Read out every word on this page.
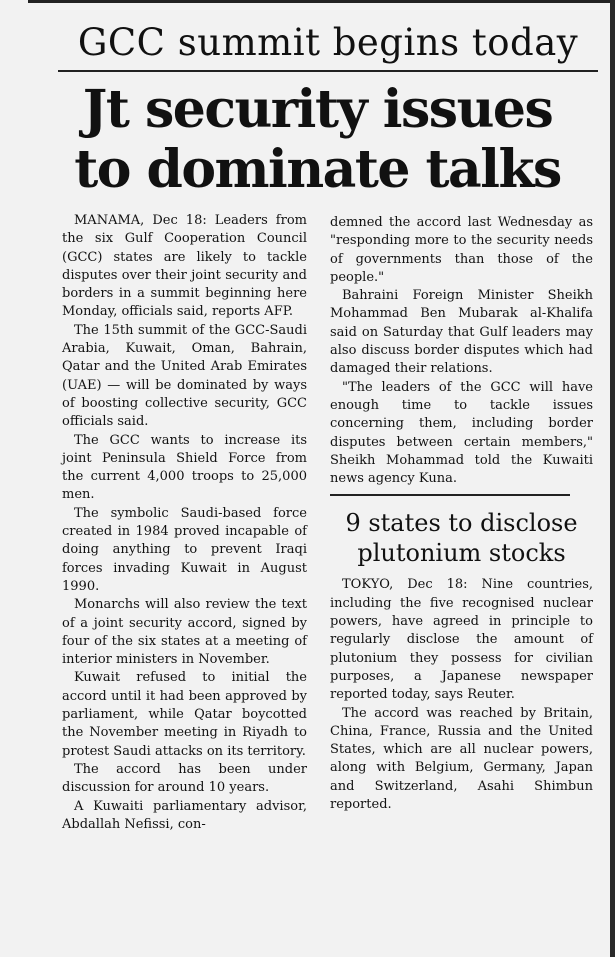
GCC summit begins today
Jt security issues
to dominate talks

MANAMA, Dec 18: Leaders from the six Gulf Cooperation Council (GCC) states are likely to tackle disputes over their joint security and borders in a summit beginning here Monday, officials said, reports AFP.

The 15th summit of the GCC-Saudi Arabia, Kuwait, Oman, Bahrain, Qatar and the United Arab Emirates (UAE) — will be dominated by ways of boosting collective security, GCC officials said.

The GCC wants to increase its joint Peninsula Shield Force from the current 4,000 troops to 25,000 men.

The symbolic Saudi-based force created in 1984 proved incapable of doing anything to prevent Iraqi forces invading Kuwait in August 1990.

Monarchs will also review the text of a joint security accord, signed by four of the six states at a meeting of interior ministers in November.

Kuwait refused to initial the accord until it had been approved by parliament, while Qatar boycotted the November meeting in Riyadh to protest Saudi attacks on its territory.

The accord has been under discussion for around 10 years.

A Kuwaiti parliamentary advisor, Abdallah Nefissi, con-

demned the accord last Wednesday as "responding more to the security needs of governments than those of the people."

Bahraini Foreign Minister Sheikh Mohammad Ben Mubarak al-Khalifa said on Saturday that Gulf leaders may also discuss border disputes which had damaged their relations.

"The leaders of the GCC will have enough time to tackle issues concerning them, including border disputes between certain members," Sheikh Mohammad told the Kuwaiti news agency Kuna.

9 states to disclose plutonium stocks

TOKYO, Dec 18: Nine countries, including the five recognised nuclear powers, have agreed in principle to regularly disclose the amount of plutonium they possess for civilian purposes, a Japanese newspaper reported today, says Reuter.

The accord was reached by Britain, China, France, Russia and the United States, which are all nuclear powers, along with Belgium, Germany, Japan and Switzerland, Asahi Shimbun reported.
